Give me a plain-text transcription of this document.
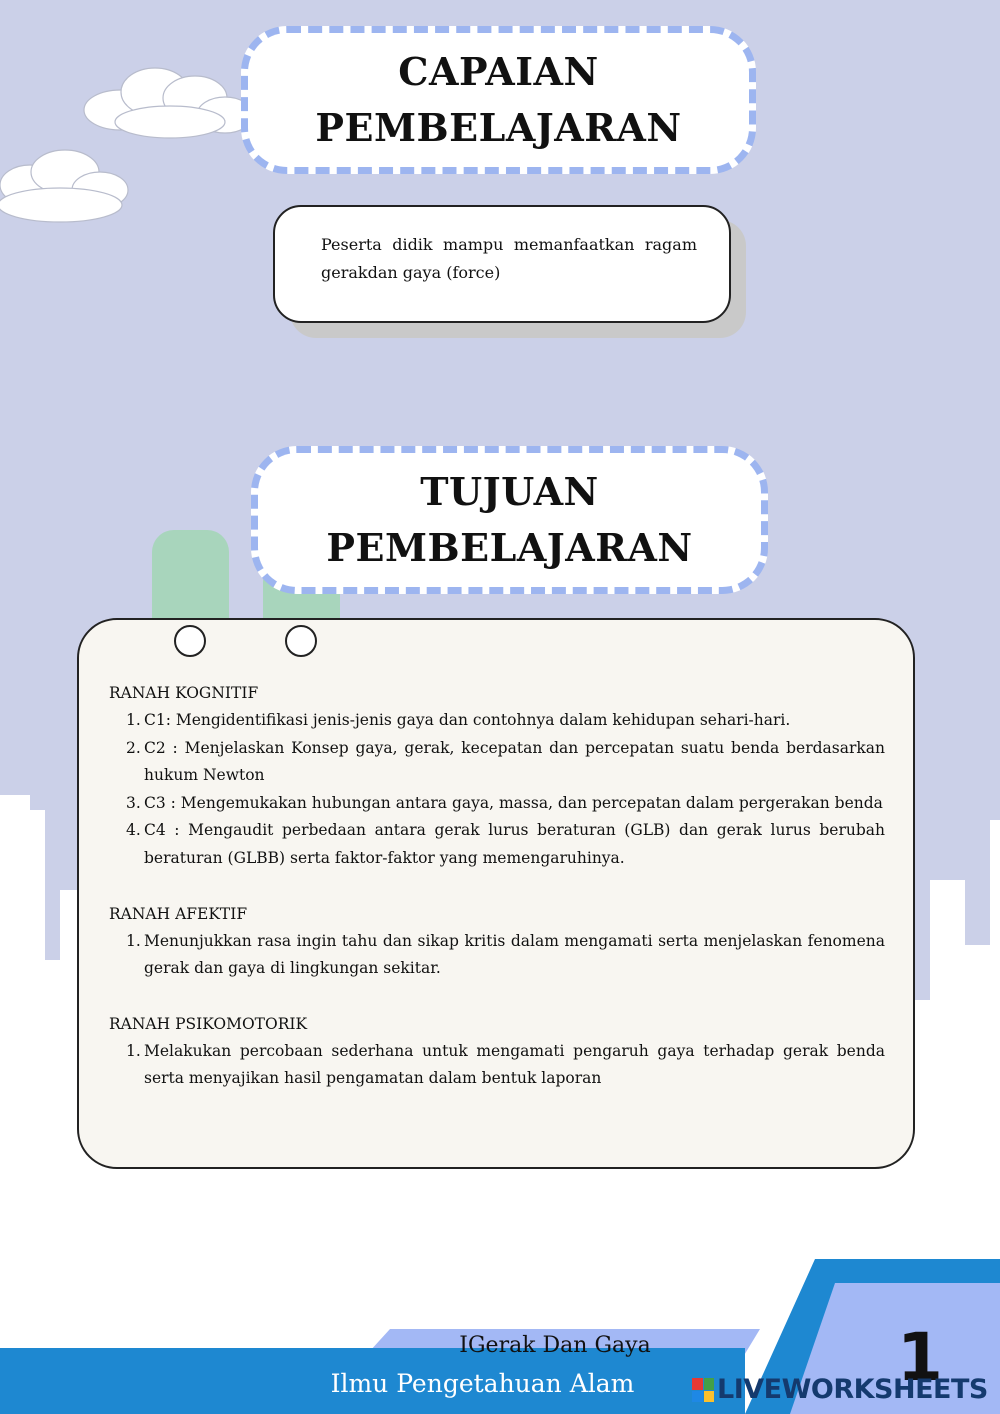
CAPAIAN
PEMBELAJARAN
Peserta didik mampu memanfaatkan ragam gerakdan gaya (force)
TUJUAN
PEMBELAJARAN

RANAH KOGNITIF

1. C1: Mengidentifikasi jenis-jenis gaya dan contohnya dalam kehidupan sehari-hari.
2. C2 : Menjelaskan Konsep gaya, gerak, kecepatan dan percepatan suatu benda berdasarkan hukum Newton
3. C3 : Mengemukakan hubungan antara gaya, massa, dan percepatan dalam pergerakan benda
4. C4 : Mengaudit perbedaan antara gerak lurus beraturan (GLB) dan gerak lurus berubah beraturan (GLBB) serta faktor-faktor yang memengaruhinya.

RANAH AFEKTIF

1. Menunjukkan rasa ingin tahu dan sikap kritis dalam mengamati serta menjelaskan fenomena gerak dan gaya di lingkungan sekitar.

RANAH PSIKOMOTORIK

1. Melakukan percobaan sederhana untuk mengamati pengaruh gaya terhadap gerak benda serta menyajikan hasil pengamatan dalam bentuk laporan
IGerak Dan Gaya
Ilmu Pengetahuan Alam	1
LIVEWORKSHEETS
